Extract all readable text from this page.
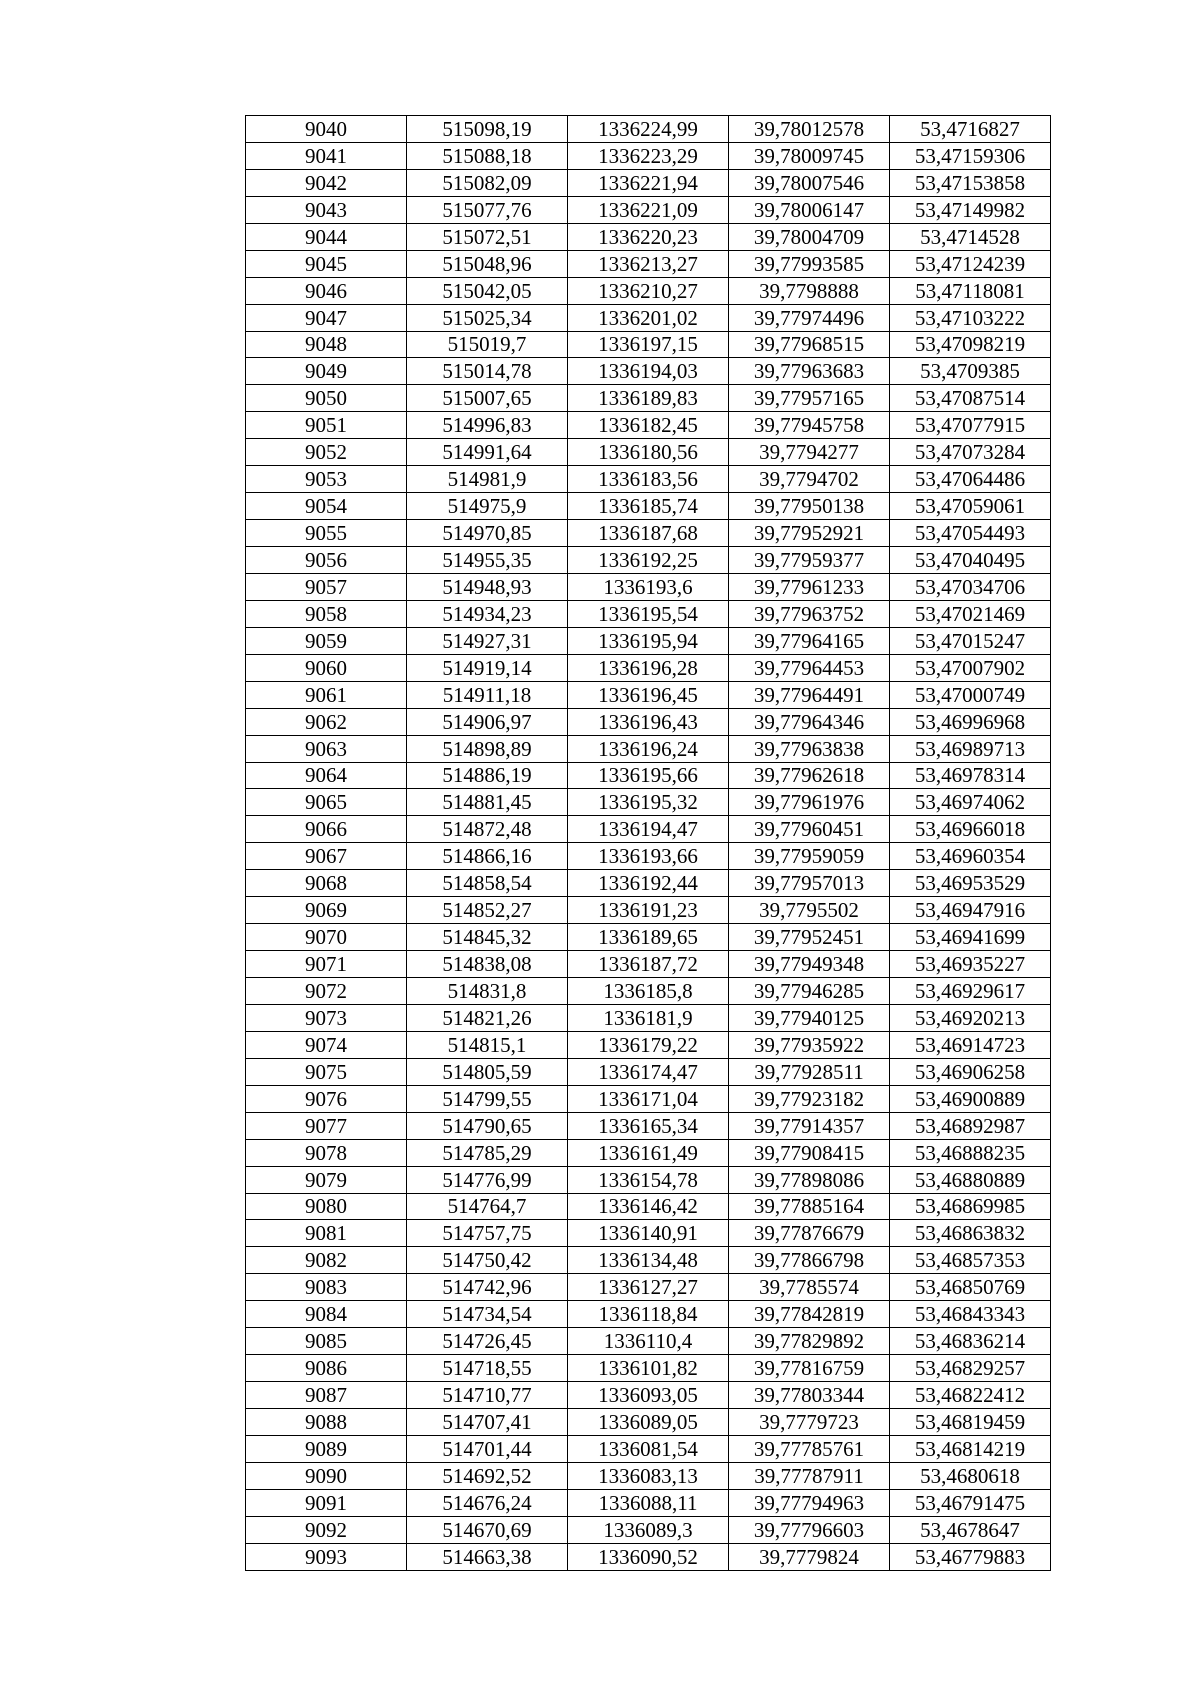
9040	515098,19	1336224,99	39,78012578	53,4716827
9041	515088,18	1336223,29	39,78009745	53,47159306
9042	515082,09	1336221,94	39,78007546	53,47153858
9043	515077,76	1336221,09	39,78006147	53,47149982
9044	515072,51	1336220,23	39,78004709	53,4714528
9045	515048,96	1336213,27	39,77993585	53,47124239
9046	515042,05	1336210,27	39,7798888	53,47118081
9047	515025,34	1336201,02	39,77974496	53,47103222
9048	515019,7	1336197,15	39,77968515	53,47098219
9049	515014,78	1336194,03	39,77963683	53,4709385
9050	515007,65	1336189,83	39,77957165	53,47087514
9051	514996,83	1336182,45	39,77945758	53,47077915
9052	514991,64	1336180,56	39,7794277	53,47073284
9053	514981,9	1336183,56	39,7794702	53,47064486
9054	514975,9	1336185,74	39,77950138	53,47059061
9055	514970,85	1336187,68	39,77952921	53,47054493
9056	514955,35	1336192,25	39,77959377	53,47040495
9057	514948,93	1336193,6	39,77961233	53,47034706
9058	514934,23	1336195,54	39,77963752	53,47021469
9059	514927,31	1336195,94	39,77964165	53,47015247
9060	514919,14	1336196,28	39,77964453	53,47007902
9061	514911,18	1336196,45	39,77964491	53,47000749
9062	514906,97	1336196,43	39,77964346	53,46996968
9063	514898,89	1336196,24	39,77963838	53,46989713
9064	514886,19	1336195,66	39,77962618	53,46978314
9065	514881,45	1336195,32	39,77961976	53,46974062
9066	514872,48	1336194,47	39,77960451	53,46966018
9067	514866,16	1336193,66	39,77959059	53,46960354
9068	514858,54	1336192,44	39,77957013	53,46953529
9069	514852,27	1336191,23	39,7795502	53,46947916
9070	514845,32	1336189,65	39,77952451	53,46941699
9071	514838,08	1336187,72	39,77949348	53,46935227
9072	514831,8	1336185,8	39,77946285	53,46929617
9073	514821,26	1336181,9	39,77940125	53,46920213
9074	514815,1	1336179,22	39,77935922	53,46914723
9075	514805,59	1336174,47	39,77928511	53,46906258
9076	514799,55	1336171,04	39,77923182	53,46900889
9077	514790,65	1336165,34	39,77914357	53,46892987
9078	514785,29	1336161,49	39,77908415	53,46888235
9079	514776,99	1336154,78	39,77898086	53,46880889
9080	514764,7	1336146,42	39,77885164	53,46869985
9081	514757,75	1336140,91	39,77876679	53,46863832
9082	514750,42	1336134,48	39,77866798	53,46857353
9083	514742,96	1336127,27	39,7785574	53,46850769
9084	514734,54	1336118,84	39,77842819	53,46843343
9085	514726,45	1336110,4	39,77829892	53,46836214
9086	514718,55	1336101,82	39,77816759	53,46829257
9087	514710,77	1336093,05	39,77803344	53,46822412
9088	514707,41	1336089,05	39,7779723	53,46819459
9089	514701,44	1336081,54	39,77785761	53,46814219
9090	514692,52	1336083,13	39,77787911	53,4680618
9091	514676,24	1336088,11	39,77794963	53,46791475
9092	514670,69	1336089,3	39,77796603	53,4678647
9093	514663,38	1336090,52	39,7779824	53,46779883
